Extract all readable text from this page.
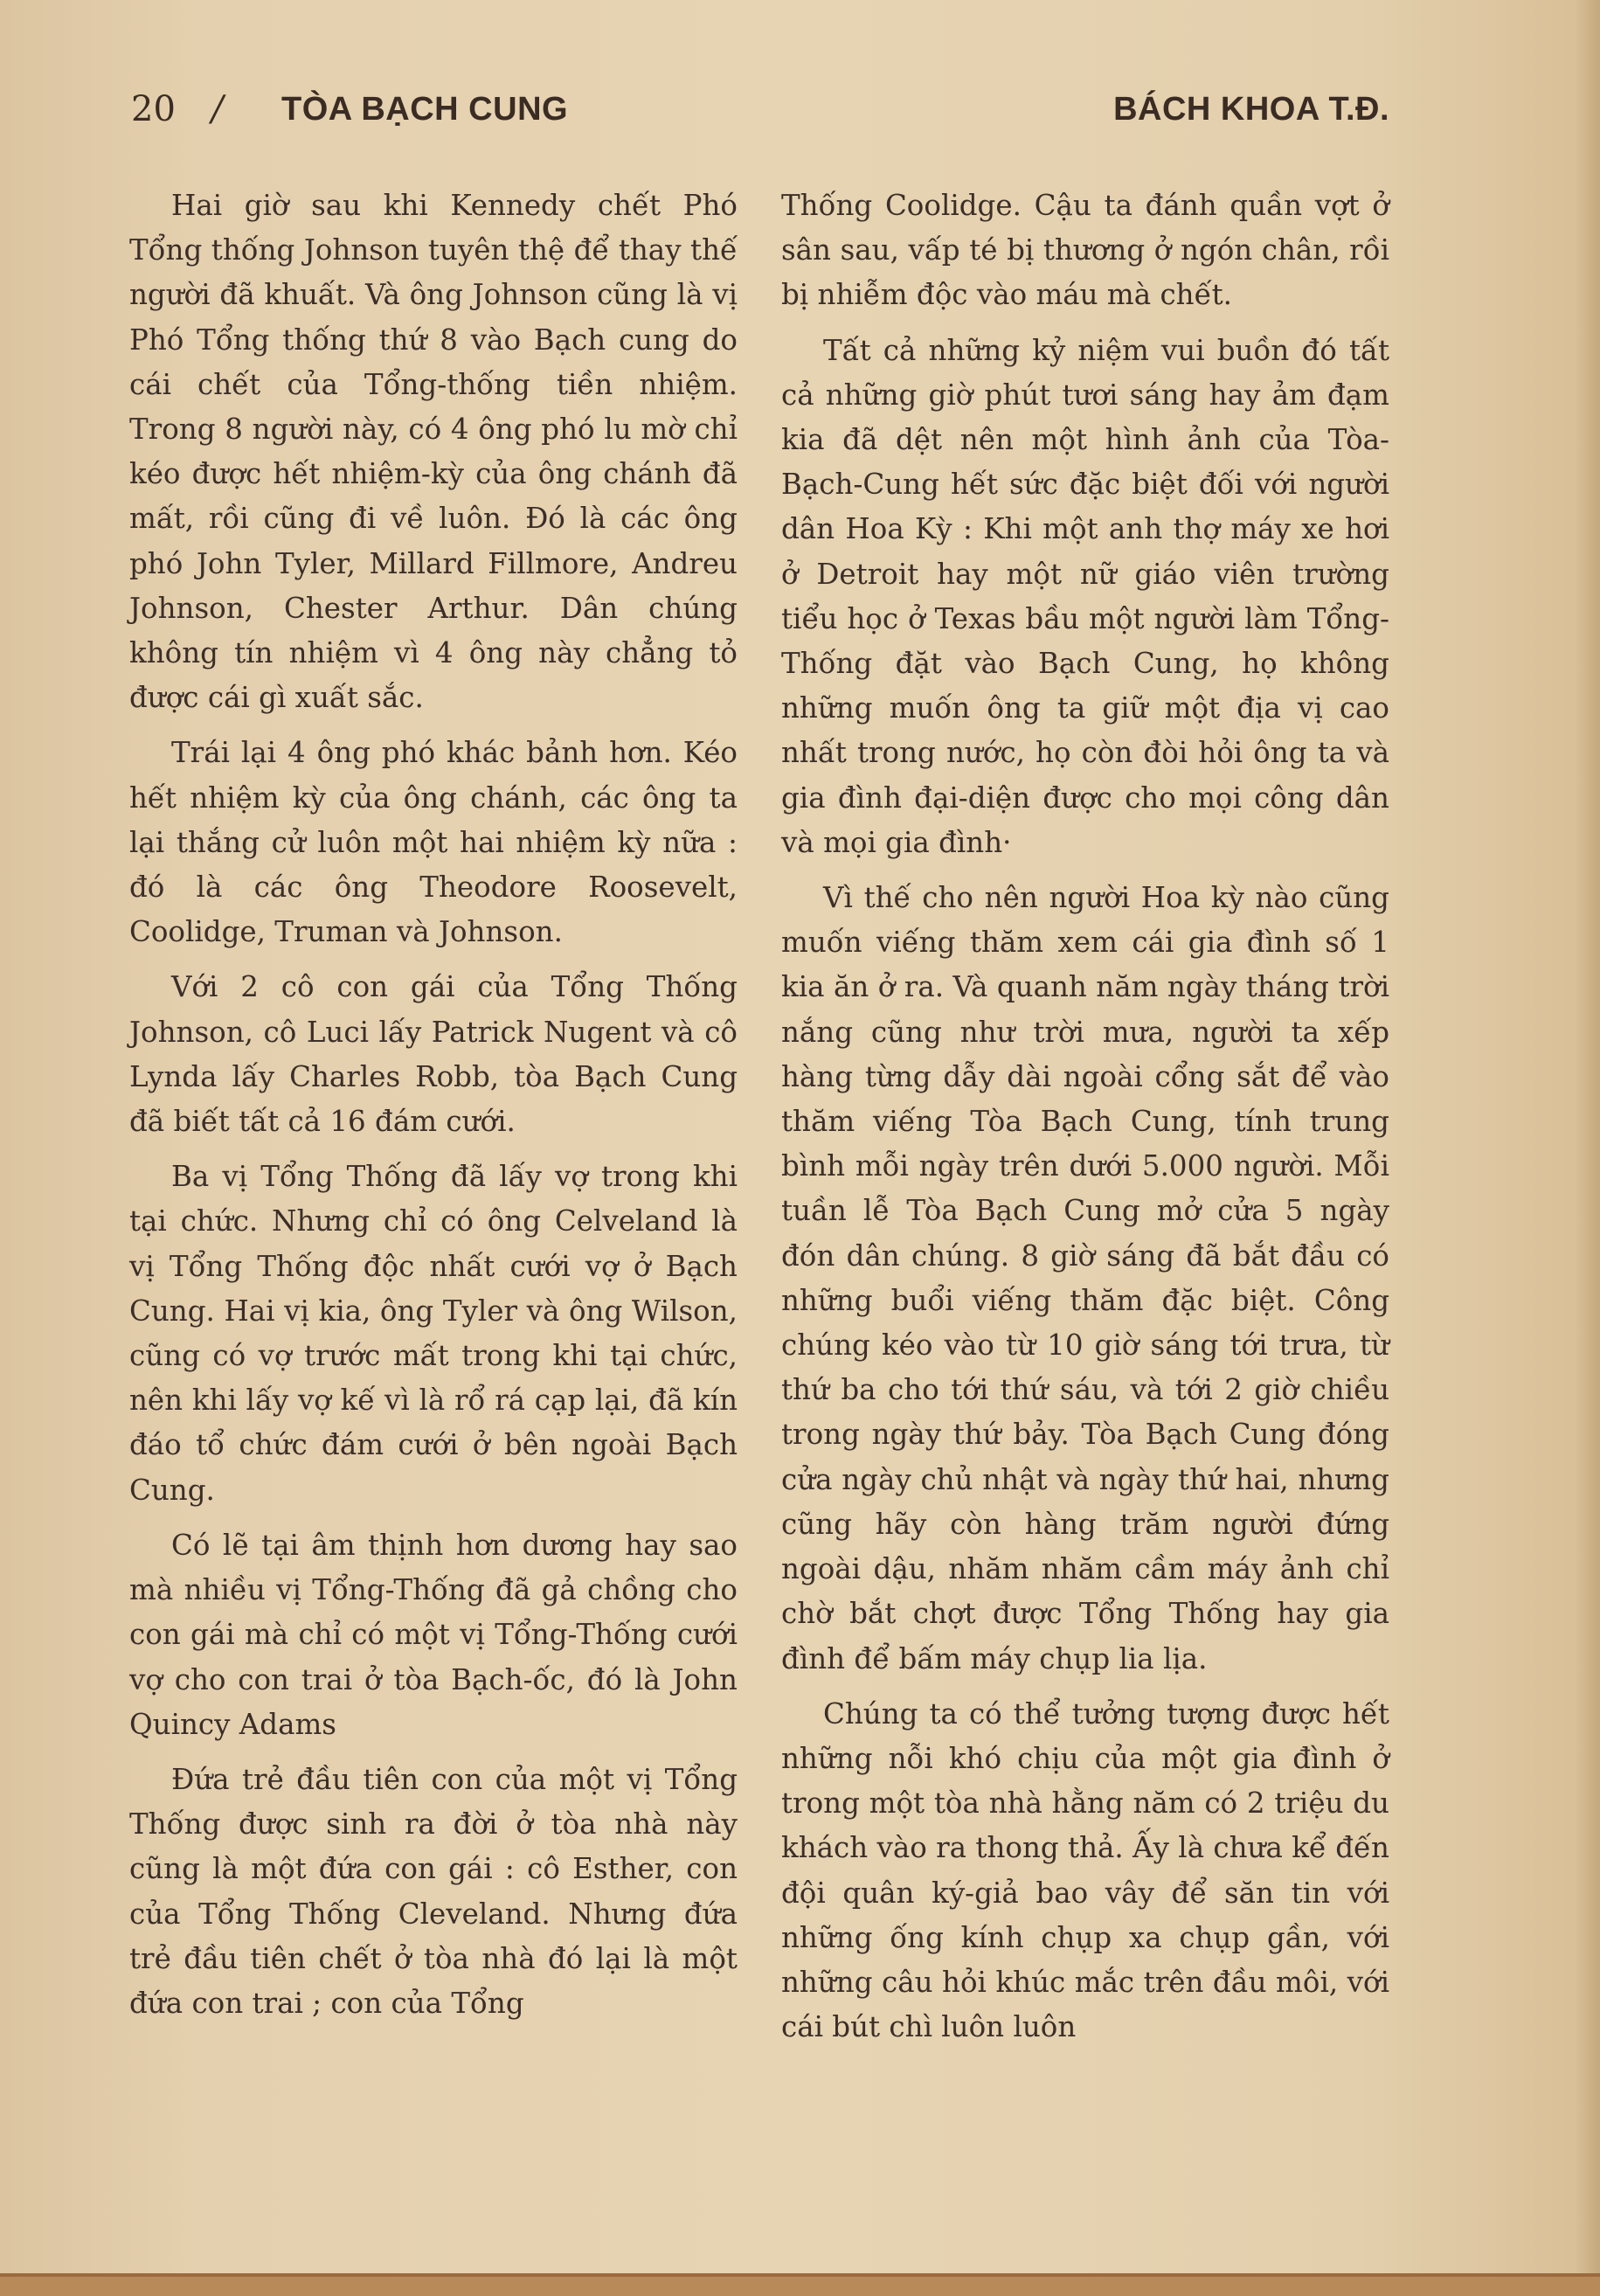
20 / TÒA BẠCH CUNG	BÁCH KHOA T.Đ.

Hai giờ sau khi Kennedy chết Phó Tổng thống Johnson tuyên thệ để thay thế người đã khuất. Và ông Johnson cũng là vị Phó Tổng thống thứ 8 vào Bạch cung do cái chết của Tổng-thống tiền nhiệm. Trong 8 người này, có 4 ông phó lu mờ chỉ kéo được hết nhiệm-kỳ của ông chánh đã mất, rồi cũng đi về luôn. Đó là các ông phó John Tyler, Millard Fillmore, Andreu Johnson, Chester Arthur. Dân chúng không tín nhiệm vì 4 ông này chẳng tỏ được cái gì xuất sắc.

Trái lại 4 ông phó khác bảnh hơn. Kéo hết nhiệm kỳ của ông chánh, các ông ta lại thắng cử luôn một hai nhiệm kỳ nữa : đó là các ông Theodore Roosevelt, Coolidge, Truman và Johnson.

Với 2 cô con gái của Tổng Thống Johnson, cô Luci lấy Patrick Nugent và cô Lynda lấy Charles Robb, tòa Bạch Cung đã biết tất cả 16 đám cưới.

Ba vị Tổng Thống đã lấy vợ trong khi tại chức. Nhưng chỉ có ông Celveland là vị Tổng Thống độc nhất cưới vợ ở Bạch Cung. Hai vị kia, ông Tyler và ông Wilson, cũng có vợ trước mất trong khi tại chức, nên khi lấy vợ kế vì là rổ rá cạp lại, đã kín đáo tổ chức đám cưới ở bên ngoài Bạch Cung.

Có lẽ tại âm thịnh hơn dương hay sao mà nhiều vị Tổng-Thống đã gả chồng cho con gái mà chỉ có một vị Tổng-Thống cưới vợ cho con trai ở tòa Bạch-ốc, đó là John Quincy Adams

Đứa trẻ đầu tiên con của một vị Tổng Thống được sinh ra đời ở tòa nhà này cũng là một đứa con gái : cô Esther, con của Tổng Thống Cleveland. Nhưng đứa trẻ đầu tiên chết ở tòa nhà đó lại là một đứa con trai ; con của Tổng

Thống Coolidge. Cậu ta đánh quần vợt ở sân sau, vấp té bị thương ở ngón chân, rồi bị nhiễm độc vào máu mà chết.

Tất cả những kỷ niệm vui buồn đó tất cả những giờ phút tươi sáng hay ảm đạm kia đã dệt nên một hình ảnh của Tòa-Bạch-Cung hết sức đặc biệt đối với người dân Hoa Kỳ : Khi một anh thợ máy xe hơi ở Detroit hay một nữ giáo viên trường tiểu học ở Texas bầu một người làm Tổng-Thống đặt vào Bạch Cung, họ không những muốn ông ta giữ một địa vị cao nhất trong nước, họ còn đòi hỏi ông ta và gia đình đại-diện được cho mọi công dân và mọi gia đình·

Vì thế cho nên người Hoa kỳ nào cũng muốn viếng thăm xem cái gia đình số 1 kia ăn ở ra. Và quanh năm ngày tháng trời nắng cũng như trời mưa, người ta xếp hàng từng dẫy dài ngoài cổng sắt để vào thăm viếng Tòa Bạch Cung, tính trung bình mỗi ngày trên dưới 5.000 người. Mỗi tuần lễ Tòa Bạch Cung mở cửa 5 ngày đón dân chúng. 8 giờ sáng đã bắt đầu có những buổi viếng thăm đặc biệt. Công chúng kéo vào từ 10 giờ sáng tới trưa, từ thứ ba cho tới thứ sáu, và tới 2 giờ chiều trong ngày thứ bảy. Tòa Bạch Cung đóng cửa ngày chủ nhật và ngày thứ hai, nhưng cũng hãy còn hàng trăm người đứng ngoài dậu, nhăm nhăm cầm máy ảnh chỉ chờ bắt chợt được Tổng Thống hay gia đình để bấm máy chụp lia lịa.

Chúng ta có thể tưởng tượng được hết những nỗi khó chịu của một gia đình ở trong một tòa nhà hằng năm có 2 triệu du khách vào ra thong thả. Ấy là chưa kể đến đội quân ký-giả bao vây để săn tin với những ống kính chụp xa chụp gần, với những câu hỏi khúc mắc trên đầu môi, với cái bút chì luôn luôn
